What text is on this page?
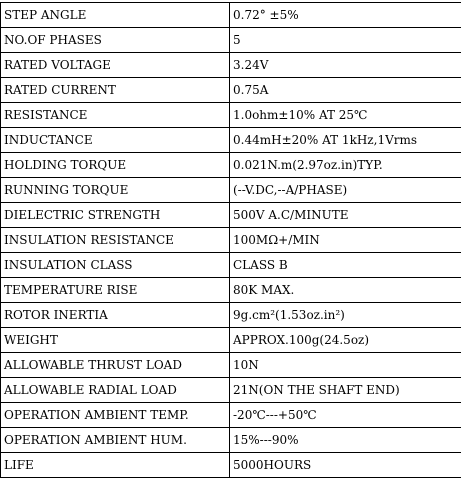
STEP ANGLE	0.72° ±5%
NO.OF PHASES	5
RATED VOLTAGE	3.24V
RATED CURRENT	0.75A
RESISTANCE	1.0ohm±10% AT 25℃
INDUCTANCE	0.44mH±20% AT 1kHz,1Vrms
HOLDING TORQUE	0.021N.m(2.97oz.in)TYP.
RUNNING TORQUE	(--V.DC,--A/PHASE)
DIELECTRIC STRENGTH	500V A.C/MINUTE
INSULATION RESISTANCE	100MΩ+/MIN
INSULATION CLASS	CLASS B
TEMPERATURE RISE	80K MAX.
ROTOR INERTIA	9g.cm²(1.53oz.in²)
WEIGHT	APPROX.100g(24.5oz)
ALLOWABLE THRUST LOAD	10N
ALLOWABLE RADIAL LOAD	21N(ON THE SHAFT END)
OPERATION AMBIENT TEMP.	-20℃---+50℃
OPERATION AMBIENT HUM.	15%---90%
LIFE	5000HOURS
